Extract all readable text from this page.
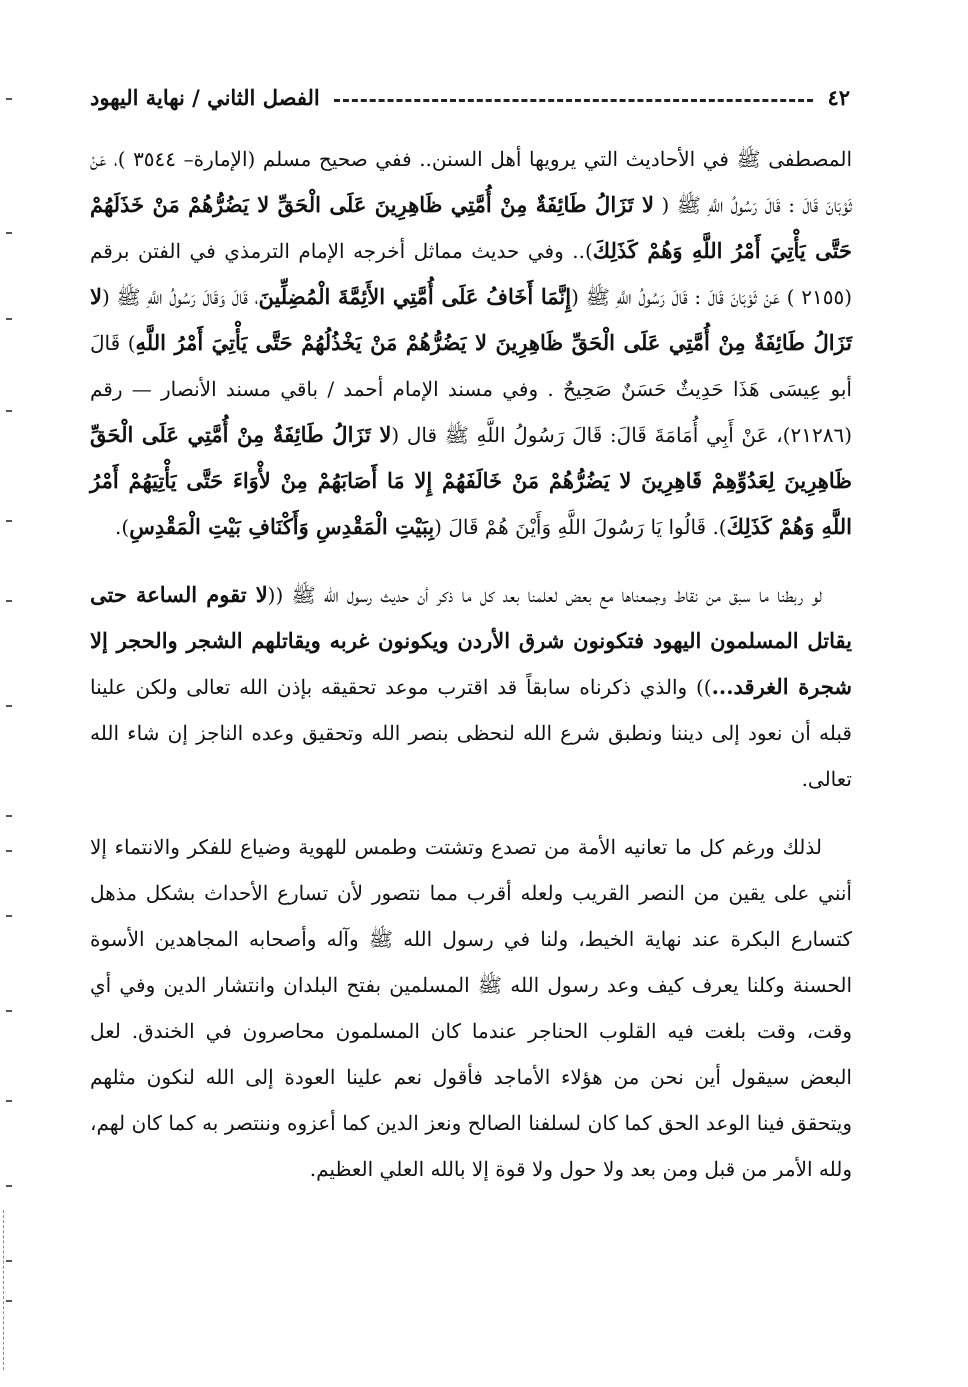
٤٢
الفصل الثاني / نهاية اليهود

المصطفى ﷺ في الأحاديث التي يرويها أهل السنن.. ففي صحيح مسلم (الإمارة– ٣٥٤٤ )، عَنْ ثَوْبَانَ قَالَ : قَالَ رَسُولُ اللَّهِ ﷺ ( لا تَزَالُ طَائِفَةٌ مِنْ أُمَّتِي ظَاهِرِينَ عَلَى الْحَقِّ لا يَضُرُّهُمْ مَنْ خَذَلَهُمْ حَتَّى يَأْتِيَ أَمْرُ اللَّهِ وَهُمْ كَذَلِكَ).. وفي حديث مماثل أخرجه الإمام الترمذي في الفتن برقم (٢١٥٥ ) عَنْ ثَوْبَانَ قَالَ : قَالَ رَسُولُ اللَّهِ ﷺ (إِنَّمَا أَخَافُ عَلَى أُمَّتِي الأَئِمَّةَ الْمُضِلِّينَ، قَالَ وَقَالَ رَسُولُ اللَّهِ ﷺ (لا تَزَالُ طَائِفَةٌ مِنْ أُمَّتِي عَلَى الْحَقِّ ظَاهِرِينَ لا يَضُرُّهُمْ مَنْ يَخْذُلُهُمْ حَتَّى يَأْتِيَ أَمْرُ اللَّهِ) قَالَ أبو عِيسَى هَذَا حَدِيثٌ حَسَنٌ صَحِيحٌ . وفي مسند الإمام أحمد / باقي مسند الأنصار — رقم (٢١٢٨٦)، عَنْ أَبِي أُمَامَةَ قَالَ: قَالَ رَسُولُ اللَّهِ ﷺ قال (لا تَزَالُ طَائِفَةٌ مِنْ أُمَّتِي عَلَى الْحَقِّ ظَاهِرِينَ لِعَدُوِّهِمْ قَاهِرِينَ لا يَضُرُّهُمْ مَنْ خَالَفَهُمْ إِلا مَا أَصَابَهُمْ مِنْ لأْوَاءَ حَتَّى يَأْتِيَهُمْ أَمْرُ اللَّهِ وَهُمْ كَذَلِكَ). قَالُوا يَا رَسُولَ اللَّهِ وَأَيْنَ هُمْ قَالَ (بِبَيْتِ الْمَقْدِسِ وَأَكْنَافِ بَيْتِ الْمَقْدِسِ).

لو ربطنا ما سبق من نقاط وجمعناها مع بعض لعلمنا بعد كل ما ذكر أن حديث رسول الله ﷺ ((لا تقوم الساعة حتى يقاتل المسلمون اليهود فتكونون شرق الأردن ويكونون غربه ويقاتلهم الشجر والحجر إلا شجرة الغرقد...)) والذي ذكرناه سابقاً قد اقترب موعد تحقيقه بإذن الله تعالى ولكن علينا قبله أن نعود إلى ديننا ونطبق شرع الله لنحظى بنصر الله وتحقيق وعده الناجز إن شاء الله تعالى.

لذلك ورغم كل ما تعانيه الأمة من تصدع وتشتت وطمس للهوية وضياع للفكر والانتماء إلا أنني على يقين من النصر القريب ولعله أقرب مما نتصور لأن تسارع الأحداث بشكل مذهل كتسارع البكرة عند نهاية الخيط، ولنا في رسول الله ﷺ وآله وأصحابه المجاهدين الأسوة الحسنة وكلنا يعرف كيف وعد رسول الله ﷺ المسلمين بفتح البلدان وانتشار الدين وفي أي وقت، وقت بلغت فيه القلوب الحناجر عندما كان المسلمون محاصرون في الخندق. لعل البعض سيقول أين نحن من هؤلاء الأماجد فأقول نعم علينا العودة إلى الله لنكون مثلهم ويتحقق فينا الوعد الحق كما كان لسلفنا الصالح ونعز الدين كما أعزوه وننتصر به كما كان لهم، ولله الأمر من قبل ومن بعد ولا حول ولا قوة إلا بالله العلي العظيم.
